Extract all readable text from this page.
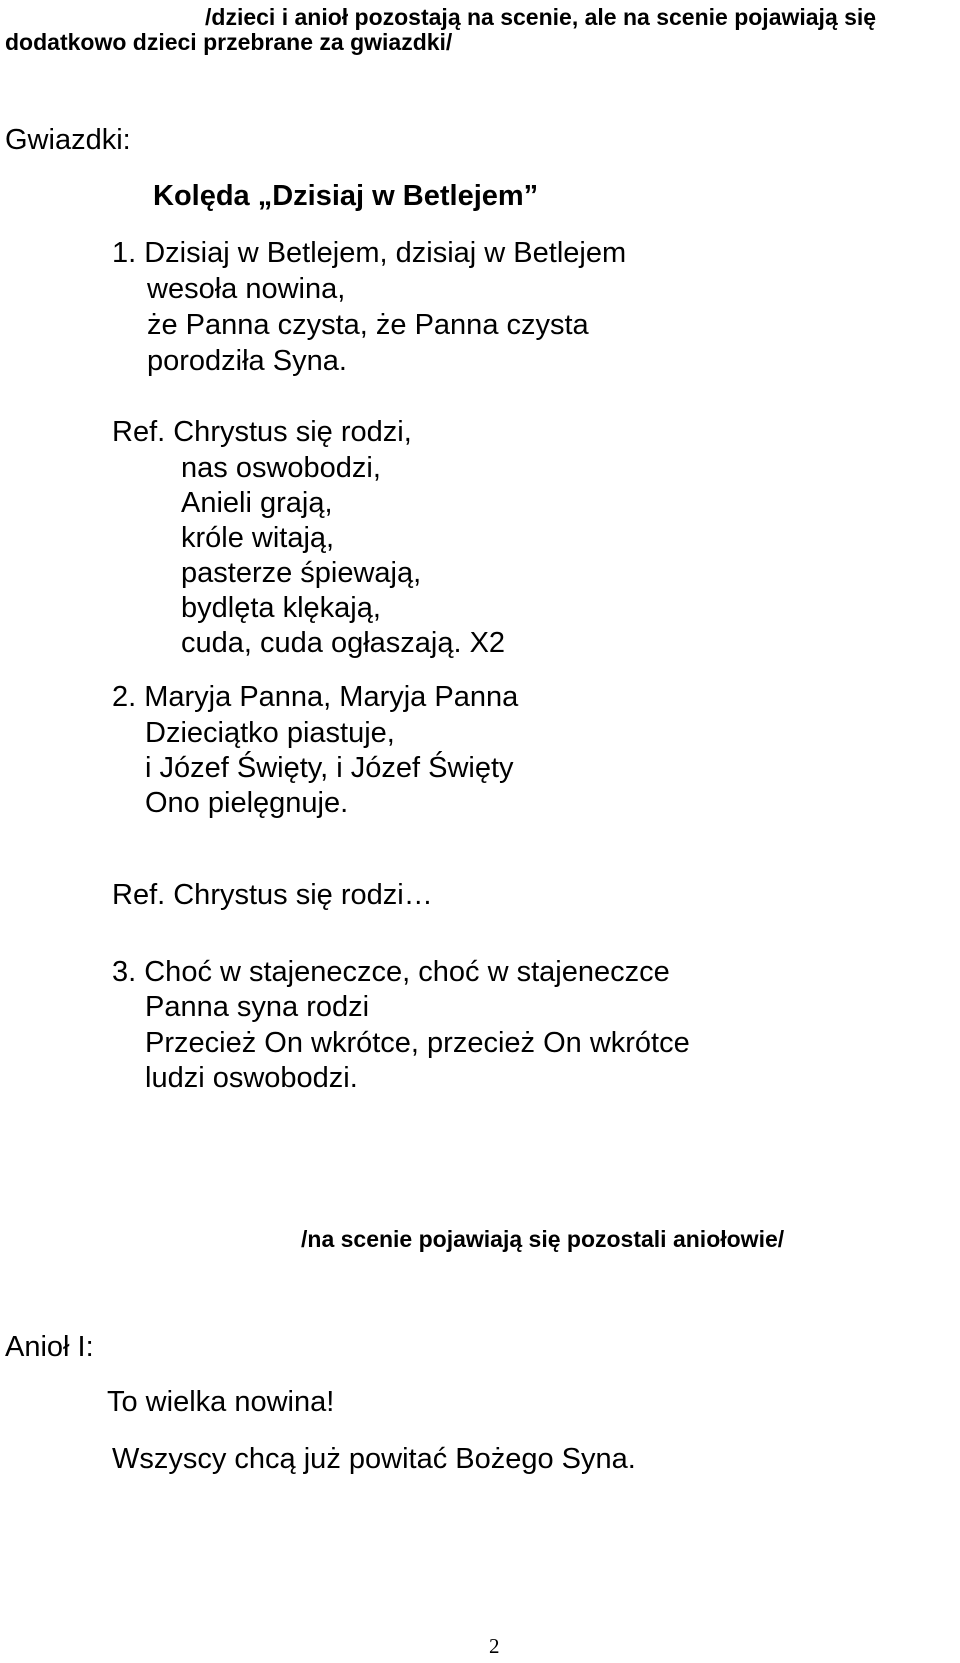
/dzieci i anioł pozostają na scenie, ale na scenie pojawiają się
dodatkowo dzieci przebrane za gwiazdki/
Gwiazdki:
Kolęda „Dzisiaj w Betlejem”
1. Dzisiaj w Betlejem, dzisiaj w Betlejem
wesoła nowina,
że Panna czysta, że Panna czysta
porodziła Syna.
Ref. Chrystus się rodzi,
nas oswobodzi,
Anieli grają,
króle witają,
pasterze śpiewają,
bydlęta klękają,
cuda, cuda ogłaszają. X2
2. Maryja Panna, Maryja Panna
Dzieciątko piastuje,
i Józef Święty, i Józef Święty
Ono pielęgnuje.
Ref. Chrystus się rodzi…
3. Choć w stajeneczce, choć w stajeneczce
Panna syna rodzi
Przecież On wkrótce, przecież On wkrótce
ludzi oswobodzi.
/na scenie pojawiają się pozostali aniołowie/
Anioł I:
To wielka nowina!
Wszyscy chcą już powitać Bożego Syna.
2
